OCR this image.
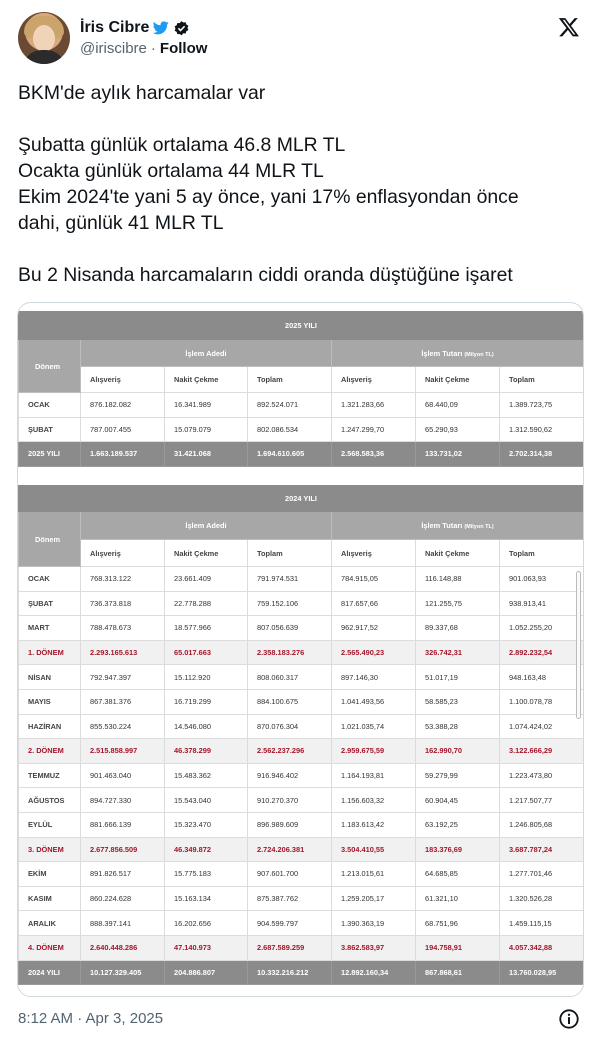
İris Cibre
@iriscibre · Follow

BKM'de aylık harcamalar var

Şubatta günlük ortalama 46.8 MLR TL

Ocakta günlük ortalama 44 MLR TL

Ekim 2024'te yani 5 ay önce, yani 17% enflasyondan önce

dahi, günlük 41 MLR TL

Bu 2 Nisanda harcamaların ciddi oranda düştüğüne işaret

2025 YILI						
Dönem	İşlem Adedi			İşlem Tutarı (Milyon TL)		
	Alışveriş	Nakit Çekme	Toplam	Alışveriş	Nakit Çekme	Toplam
OCAK	876.182.082	16.341.989	892.524.071	1.321.283,66	68.440,09	1.389.723,75
ŞUBAT	787.007.455	15.079.079	802.086.534	1.247.299,70	65.290,93	1.312.590,62
2025 YILI	1.663.189.537	31.421.068	1.694.610.605	2.568.583,36	133.731,02	2.702.314,38
2024 YILI						
Dönem	İşlem Adedi			İşlem Tutarı (Milyon TL)		
	Alışveriş	Nakit Çekme	Toplam	Alışveriş	Nakit Çekme	Toplam
OCAK	768.313.122	23.661.409	791.974.531	784.915,05	116.148,88	901.063,93
ŞUBAT	736.373.818	22.778.288	759.152.106	817.657,66	121.255,75	938.913,41
MART	788.478.673	18.577.966	807.056.639	962.917,52	89.337,68	1.052.255,20
1. DÖNEM	2.293.165.613	65.017.663	2.358.183.276	2.565.490,23	326.742,31	2.892.232,54
NİSAN	792.947.397	15.112.920	808.060.317	897.146,30	51.017,19	948.163,48
MAYIS	867.381.376	16.719.299	884.100.675	1.041.493,56	58.585,23	1.100.078,78
HAZİRAN	855.530.224	14.546.080	870.076.304	1.021.035,74	53.388,28	1.074.424,02
2. DÖNEM	2.515.858.997	46.378.299	2.562.237.296	2.959.675,59	162.990,70	3.122.666,29
TEMMUZ	901.463.040	15.483.362	916.946.402	1.164.193,81	59.279,99	1.223.473,80
AĞUSTOS	894.727.330	15.543.040	910.270.370	1.156.603,32	60.904,45	1.217.507,77
EYLÜL	881.666.139	15.323.470	896.989.609	1.183.613,42	63.192,25	1.246.805,68
3. DÖNEM	2.677.856.509	46.349.872	2.724.206.381	3.504.410,55	183.376,69	3.687.787,24
EKİM	891.826.517	15.775.183	907.601.700	1.213.015,61	64.685,85	1.277.701,46
KASIM	860.224.628	15.163.134	875.387.762	1.259.205,17	61.321,10	1.320.526,28
ARALIK	888.397.141	16.202.656	904.599.797	1.390.363,19	68.751,96	1.459.115,15
4. DÖNEM	2.640.448.286	47.140.973	2.687.589.259	3.862.583,97	194.758,91	4.057.342,88
2024 YILI	10.127.329.405	204.886.807	10.332.216.212	12.892.160,34	867.868,61	13.760.028,95
8:12 AM · Apr 3, 2025
